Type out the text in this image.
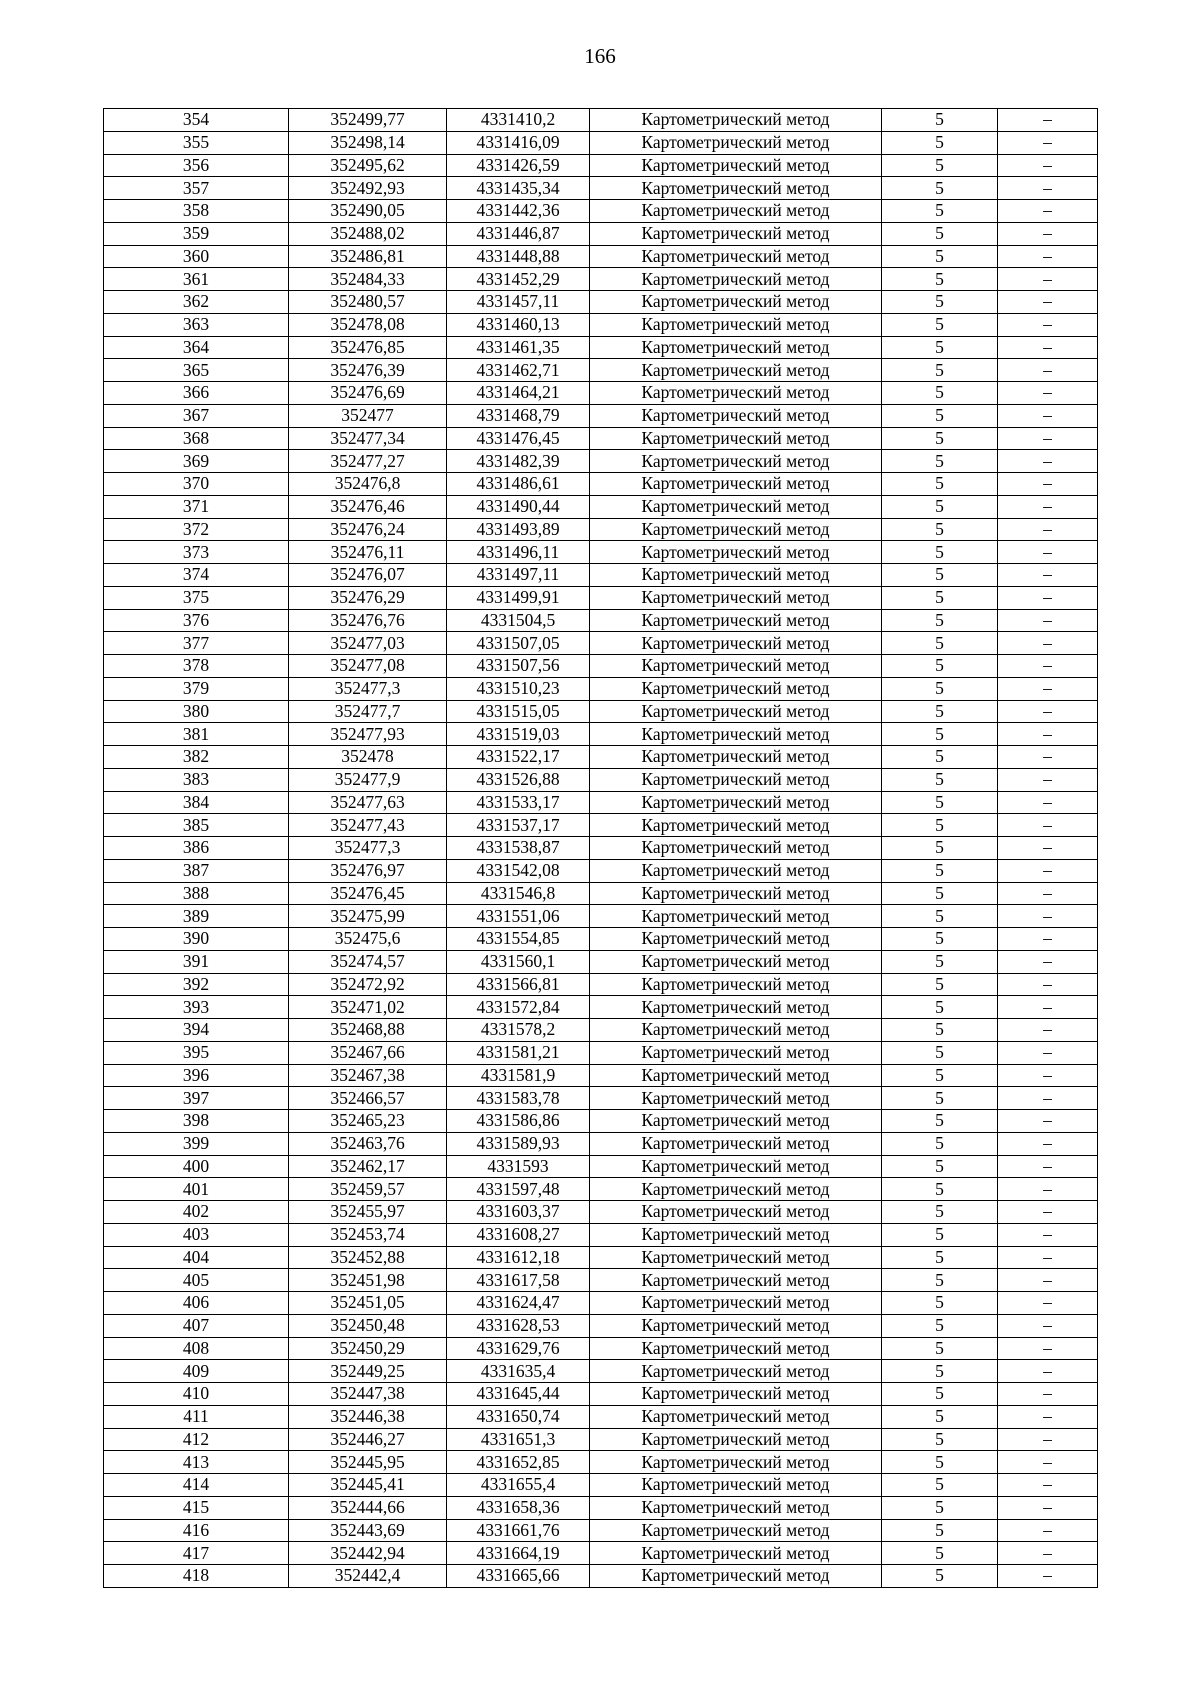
166
354	352499,77	4331410,2	Картометрический метод	5	–
355	352498,14	4331416,09	Картометрический метод	5	–
356	352495,62	4331426,59	Картометрический метод	5	–
357	352492,93	4331435,34	Картометрический метод	5	–
358	352490,05	4331442,36	Картометрический метод	5	–
359	352488,02	4331446,87	Картометрический метод	5	–
360	352486,81	4331448,88	Картометрический метод	5	–
361	352484,33	4331452,29	Картометрический метод	5	–
362	352480,57	4331457,11	Картометрический метод	5	–
363	352478,08	4331460,13	Картометрический метод	5	–
364	352476,85	4331461,35	Картометрический метод	5	–
365	352476,39	4331462,71	Картометрический метод	5	–
366	352476,69	4331464,21	Картометрический метод	5	–
367	352477	4331468,79	Картометрический метод	5	–
368	352477,34	4331476,45	Картометрический метод	5	–
369	352477,27	4331482,39	Картометрический метод	5	–
370	352476,8	4331486,61	Картометрический метод	5	–
371	352476,46	4331490,44	Картометрический метод	5	–
372	352476,24	4331493,89	Картометрический метод	5	–
373	352476,11	4331496,11	Картометрический метод	5	–
374	352476,07	4331497,11	Картометрический метод	5	–
375	352476,29	4331499,91	Картометрический метод	5	–
376	352476,76	4331504,5	Картометрический метод	5	–
377	352477,03	4331507,05	Картометрический метод	5	–
378	352477,08	4331507,56	Картометрический метод	5	–
379	352477,3	4331510,23	Картометрический метод	5	–
380	352477,7	4331515,05	Картометрический метод	5	–
381	352477,93	4331519,03	Картометрический метод	5	–
382	352478	4331522,17	Картометрический метод	5	–
383	352477,9	4331526,88	Картометрический метод	5	–
384	352477,63	4331533,17	Картометрический метод	5	–
385	352477,43	4331537,17	Картометрический метод	5	–
386	352477,3	4331538,87	Картометрический метод	5	–
387	352476,97	4331542,08	Картометрический метод	5	–
388	352476,45	4331546,8	Картометрический метод	5	–
389	352475,99	4331551,06	Картометрический метод	5	–
390	352475,6	4331554,85	Картометрический метод	5	–
391	352474,57	4331560,1	Картометрический метод	5	–
392	352472,92	4331566,81	Картометрический метод	5	–
393	352471,02	4331572,84	Картометрический метод	5	–
394	352468,88	4331578,2	Картометрический метод	5	–
395	352467,66	4331581,21	Картометрический метод	5	–
396	352467,38	4331581,9	Картометрический метод	5	–
397	352466,57	4331583,78	Картометрический метод	5	–
398	352465,23	4331586,86	Картометрический метод	5	–
399	352463,76	4331589,93	Картометрический метод	5	–
400	352462,17	4331593	Картометрический метод	5	–
401	352459,57	4331597,48	Картометрический метод	5	–
402	352455,97	4331603,37	Картометрический метод	5	–
403	352453,74	4331608,27	Картометрический метод	5	–
404	352452,88	4331612,18	Картометрический метод	5	–
405	352451,98	4331617,58	Картометрический метод	5	–
406	352451,05	4331624,47	Картометрический метод	5	–
407	352450,48	4331628,53	Картометрический метод	5	–
408	352450,29	4331629,76	Картометрический метод	5	–
409	352449,25	4331635,4	Картометрический метод	5	–
410	352447,38	4331645,44	Картометрический метод	5	–
411	352446,38	4331650,74	Картометрический метод	5	–
412	352446,27	4331651,3	Картометрический метод	5	–
413	352445,95	4331652,85	Картометрический метод	5	–
414	352445,41	4331655,4	Картометрический метод	5	–
415	352444,66	4331658,36	Картометрический метод	5	–
416	352443,69	4331661,76	Картометрический метод	5	–
417	352442,94	4331664,19	Картометрический метод	5	–
418	352442,4	4331665,66	Картометрический метод	5	–
